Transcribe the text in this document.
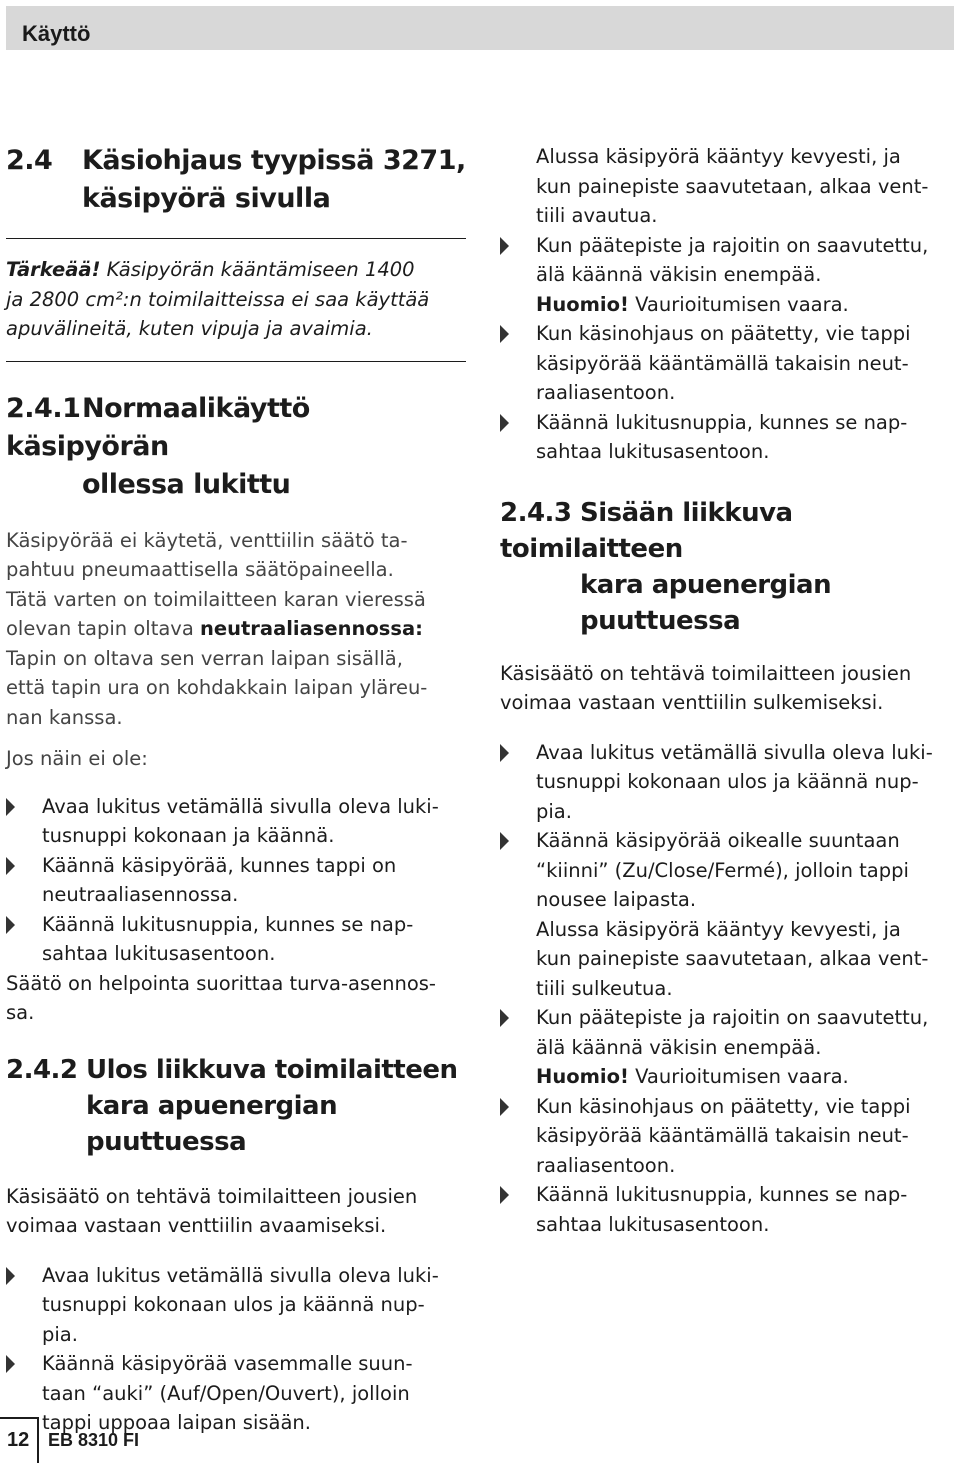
Käyttö
2.4 Käsiohjaus tyypissä 3271,
käsipyörä sivulla
Tärkeää! Käsipyörän kääntämiseen 1400
ja 2800 cm²:n toimilaitteissa ei saa käyttää
apuvälineitä, kuten vipuja ja avaimia.
2.4.1Normaalikäyttö käsipyörän
ollessa lukittu
Käsipyörää ei käytetä, venttiilin säätö ta-
pahtuu pneumaattisella säätöpaineella.
Tätä varten on toimilaitteen karan vieressä
olevan tapin oltava neutraaliasennossa:
Tapin on oltava sen verran laipan sisällä,
että tapin ura on kohdakkain laipan yläreu-
nan kanssa.
Jos näin ei ole:
Avaa lukitus vetämällä sivulla oleva luki-
tusnuppi kokonaan ja käännä.
Käännä käsipyörää, kunnes tappi on
neutraaliasennossa.
Käännä lukitusnuppia, kunnes se nap-
sahtaa lukitusasentoon.
Säätö on helpointa suorittaa turva-asennos-
sa.
2.4.2 Ulos liikkuva toimilaitteen
kara apuenergian puuttuessa
Käsisäätö on tehtävä toimilaitteen jousien
voimaa vastaan venttiilin avaamiseksi.
Avaa lukitus vetämällä sivulla oleva luki-
tusnuppi kokonaan ulos ja käännä nup-
pia.
Käännä käsipyörää vasemmalle suun-
taan “auki” (Auf/Open/Ouvert), jolloin
tappi uppoaa laipan sisään.
Alussa käsipyörä kääntyy kevyesti, ja
kun painepiste saavutetaan, alkaa vent-
tiili avautua.
Kun päätepiste ja rajoitin on saavutettu,
älä käännä väkisin enempää.
Huomio! Vaurioitumisen vaara.
Kun käsinohjaus on päätetty, vie tappi
käsipyörää kääntämällä takaisin neut-
raaliasentoon.
Käännä lukitusnuppia, kunnes se nap-
sahtaa lukitusasentoon.
2.4.3 Sisään liikkuva toimilaitteen
kara apuenergian puuttuessa
Käsisäätö on tehtävä toimilaitteen jousien
voimaa vastaan venttiilin sulkemiseksi.
Avaa lukitus vetämällä sivulla oleva luki-
tusnuppi kokonaan ulos ja käännä nup-
pia.
Käännä käsipyörää oikealle suuntaan
“kiinni” (Zu/Close/Fermé), jolloin tappi
nousee laipasta.
Alussa käsipyörä kääntyy kevyesti, ja
kun painepiste saavutetaan, alkaa vent-
tiili sulkeutua.
Kun päätepiste ja rajoitin on saavutettu,
älä käännä väkisin enempää.
Huomio! Vaurioitumisen vaara.
Kun käsinohjaus on päätetty, vie tappi
käsipyörää kääntämällä takaisin neut-
raaliasentoon.
Käännä lukitusnuppia, kunnes se nap-
sahtaa lukitusasentoon.
12 EB 8310 FI
